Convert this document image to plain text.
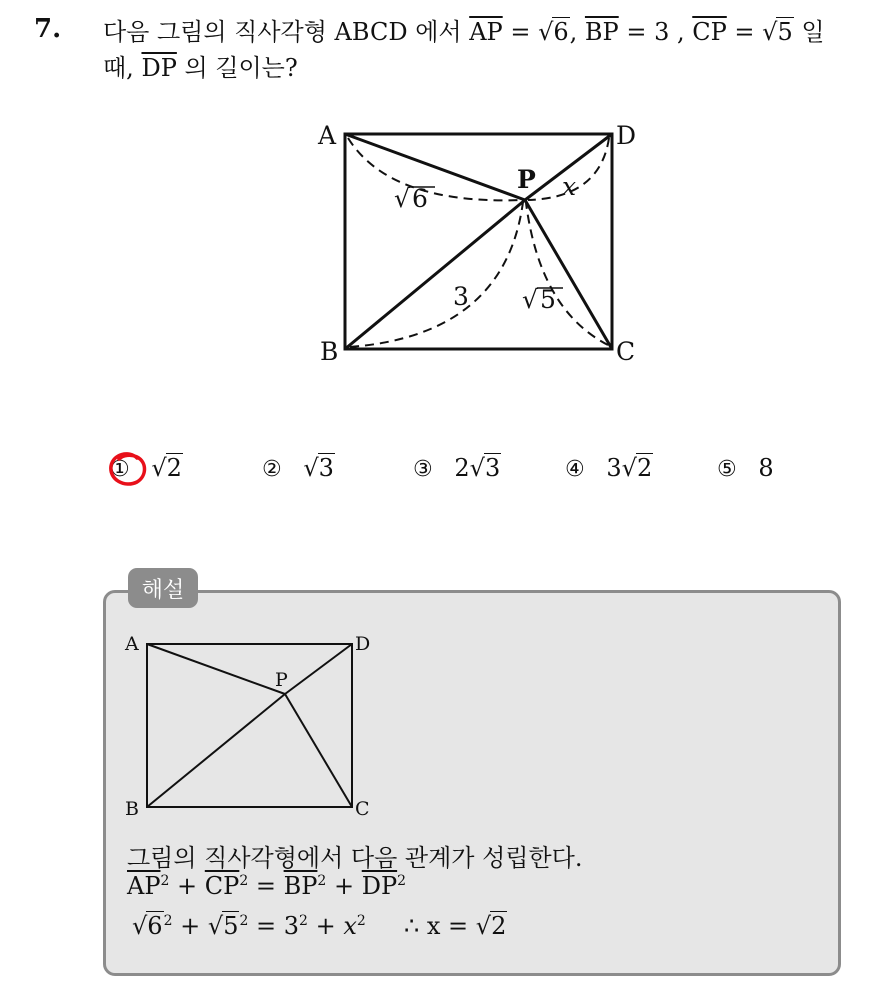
7. 다음 그림의 직사각형 ABCD 에서 $\overline{AP} = √6$, $\overline{BP} = 3$ , $\overline{CP} = √5$ 일
때, $\overline{DP}$ 의 길이는?
A	D
B	C
P
√ 6
3 √ 5
x
① √2	② √3	③ 2√3	④ 3√2	⑤ 8
해설
A	D
B	C
P
그림의 직사각형에서 다음 관계가 성립한다.
$\overline{AP}^2 + \overline{CP}^2 = \overline{BP}^2 + \overline{DP}^2$
$√6^2 + √5^2 = 3^2 + x^2$ ∴ x = √2
